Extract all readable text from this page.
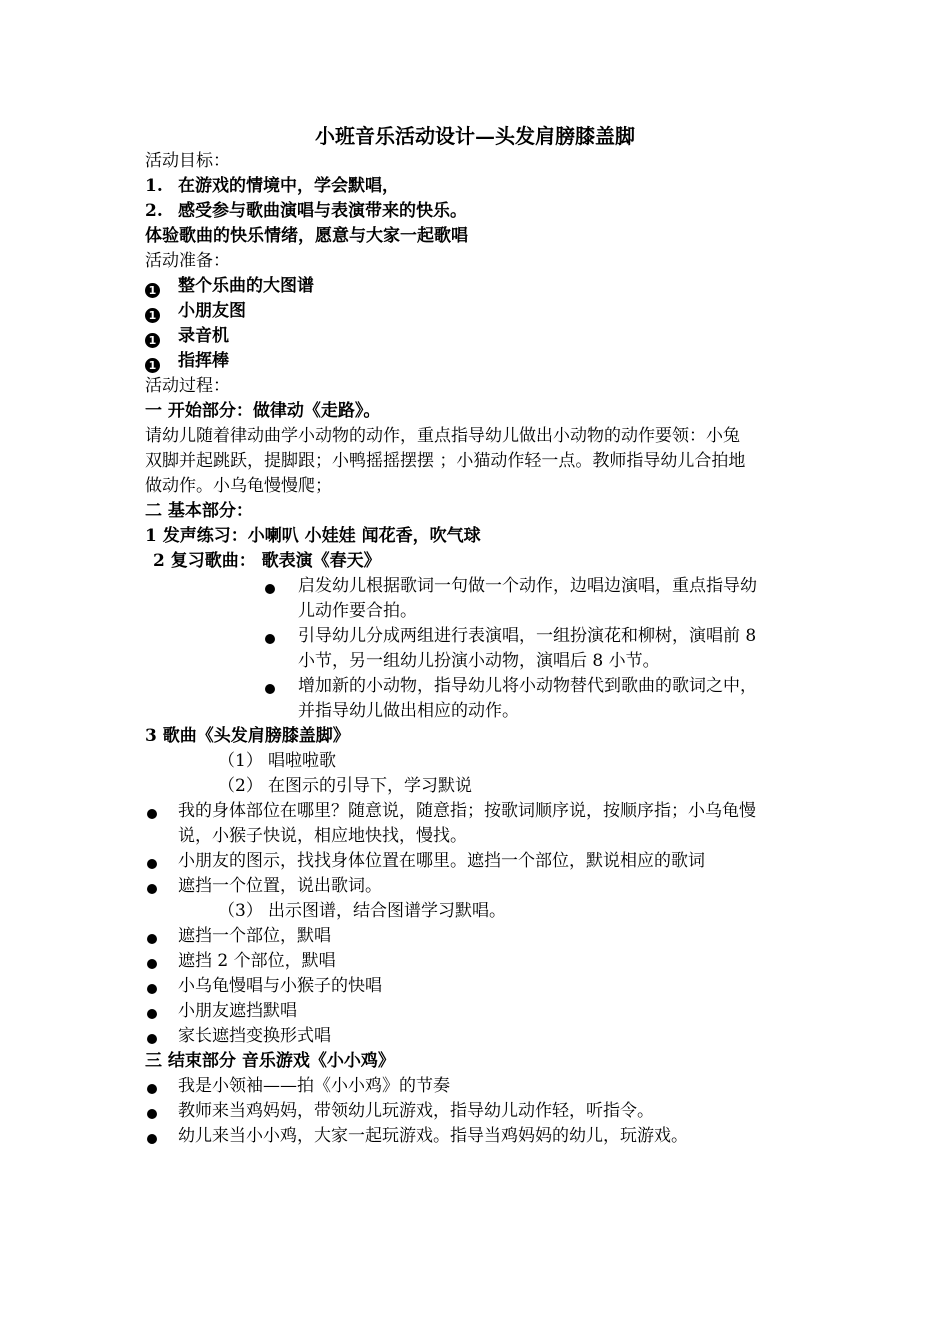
小班音乐活动设计—头发肩膀膝盖脚
活动目标：
1. 在游戏的情境中，学会默唱，
2. 感受参与歌曲演唱与表演带来的快乐。
体验歌曲的快乐情绪，愿意与大家一起歌唱
活动准备：
1 整个乐曲的大图谱
1 小朋友图
1 录音机
1 指挥棒
活动过程：
一 开始部分：做律动《走路》。
请幼儿随着律动曲学小动物的动作，重点指导幼儿做出小动物的动作要领：小兔
双脚并起跳跃，提脚跟；小鸭摇摇摆摆 ；小猫动作轻一点。教师指导幼儿合拍地
做动作。小乌龟慢慢爬；
二 基本部分：
1 发声练习：小喇叭 小娃娃 闻花香，吹气球
2 复习歌曲： 歌表演《春天》
启发幼儿根据歌词一句做一个动作，边唱边演唱，重点指导幼
儿动作要合拍。
引导幼儿分成两组进行表演唱，一组扮演花和柳树，演唱前 8
小节，另一组幼儿扮演小动物，演唱后 8 小节。
增加新的小动物，指导幼儿将小动物替代到歌曲的歌词之中，
并指导幼儿做出相应的动作。
3 歌曲《头发肩膀膝盖脚》
（1） 唱啦啦歌
（2） 在图示的引导下，学习默说
我的身体部位在哪里？随意说，随意指；按歌词顺序说，按顺序指；小乌龟慢
说，小猴子快说，相应地快找，慢找。
小朋友的图示，找找身体位置在哪里。遮挡一个部位，默说相应的歌词
遮挡一个位置，说出歌词。
（3） 出示图谱，结合图谱学习默唱。
遮挡一个部位，默唱
遮挡 2 个部位，默唱
小乌龟慢唱与小猴子的快唱
小朋友遮挡默唱
家长遮挡变换形式唱
三 结束部分 音乐游戏《小小鸡》
我是小领袖——拍《小小鸡》的节奏
教师来当鸡妈妈，带领幼儿玩游戏，指导幼儿动作轻，听指令。
幼儿来当小小鸡，大家一起玩游戏。指导当鸡妈妈的幼儿，玩游戏。
